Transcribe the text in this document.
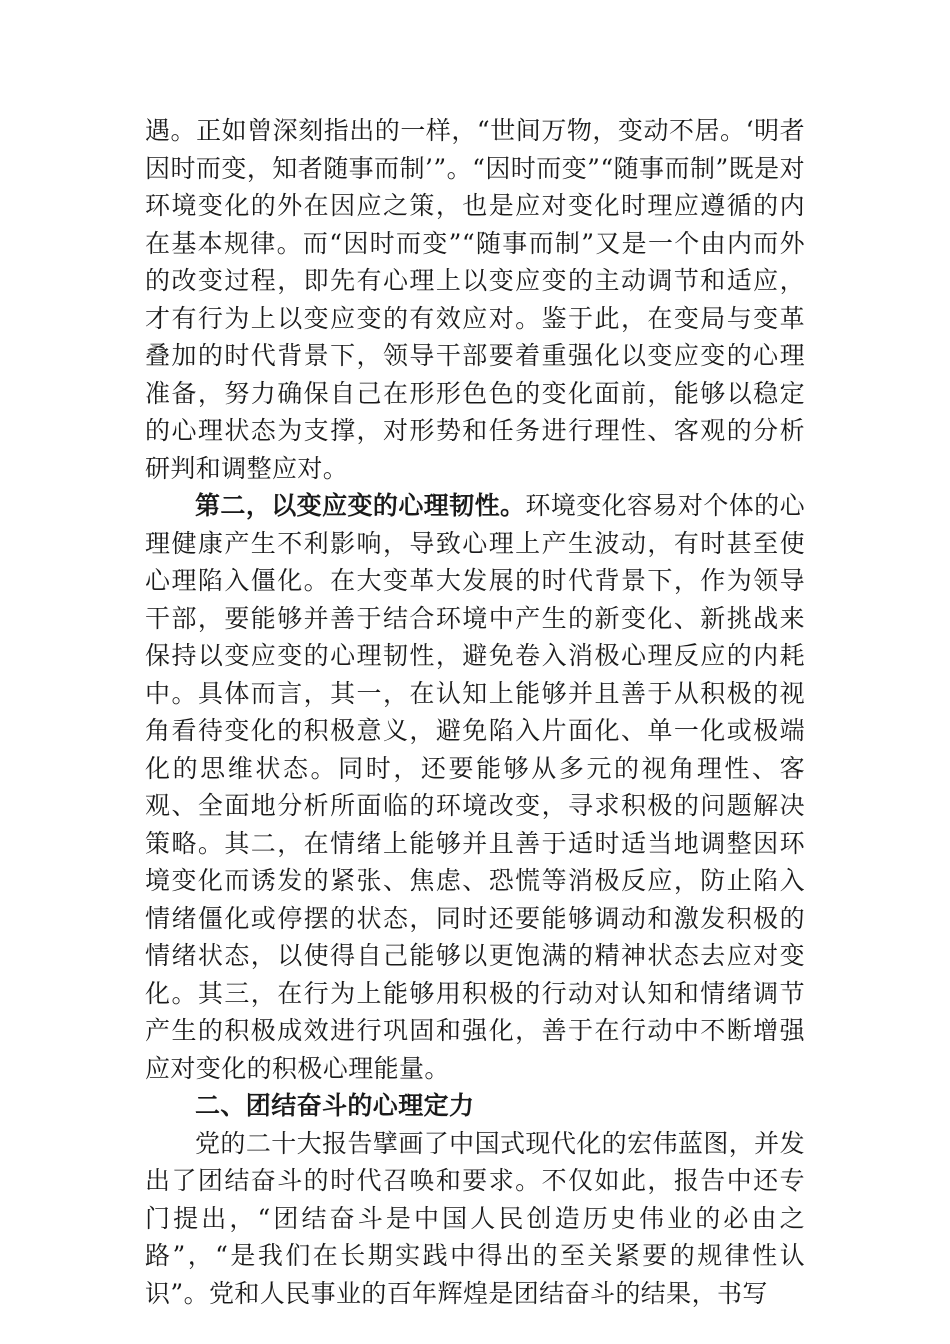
遇。正如曾深刻指出的一样，“世间万物，变动不居。‘明者因时而变，知者随事而制’”。“因时而变”“随事而制”既是对环境变化的外在因应之策，也是应对变化时理应遵循的内在基本规律。而“因时而变”“随事而制”又是一个由内而外的改变过程，即先有心理上以变应变的主动调节和适应，才有行为上以变应变的有效应对。鉴于此，在变局与变革叠加的时代背景下，领导干部要着重强化以变应变的心理准备，努力确保自己在形形色色的变化面前，能够以稳定的心理状态为支撑，对形势和任务进行理性、客观的分析研判和调整应对。

第二，以变应变的心理韧性。环境变化容易对个体的心理健康产生不利影响，导致心理上产生波动，有时甚至使心理陷入僵化。在大变革大发展的时代背景下，作为领导干部，要能够并善于结合环境中产生的新变化、新挑战来保持以变应变的心理韧性，避免卷入消极心理反应的内耗中。具体而言，其一，在认知上能够并且善于从积极的视角看待变化的积极意义，避免陷入片面化、单一化或极端化的思维状态。同时，还要能够从多元的视角理性、客观、全面地分析所面临的环境改变，寻求积极的问题解决策略。其二，在情绪上能够并且善于适时适当地调整因环境变化而诱发的紧张、焦虑、恐慌等消极反应，防止陷入情绪僵化或停摆的状态，同时还要能够调动和激发积极的情绪状态，以使得自己能够以更饱满的精神状态去应对变化。其三，在行为上能够用积极的行动对认知和情绪调节产生的积极成效进行巩固和强化，善于在行动中不断增强应对变化的积极心理能量。

二、团结奋斗的心理定力

党的二十大报告擘画了中国式现代化的宏伟蓝图，并发出了团结奋斗的时代召唤和要求。不仅如此，报告中还专门提出，“团结奋斗是中国人民创造历史伟业的必由之路”，“是我们在长期实践中得出的至关紧要的规律性认识”。党和人民事业的百年辉煌是团结奋斗的结果，书写
